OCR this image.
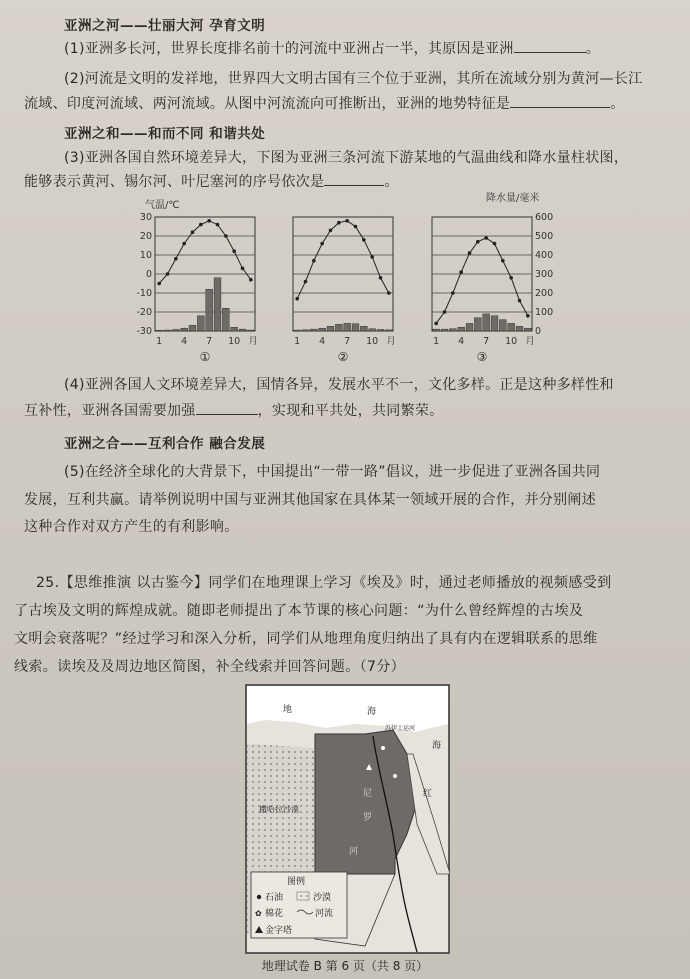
亚洲之河——壮丽大河 孕育文明
(1)亚洲多长河，世界长度排名前十的河流中亚洲占一半，其原因是亚洲	。
(2)河流是文明的发祥地，世界四大文明古国有三个位于亚洲，其所在流域分别为黄河—长江
流域、印度河流域、两河流域。从图中河流流向可推断出，亚洲的地势特征是	。
亚洲之和——和而不同 和谐共处
(3)亚洲各国自然环境差异大，下图为亚洲三条河流下游某地的气温曲线和降水量柱状图，
能够表示黄河、锡尔河、叶尼塞河的序号依次是	。
气温/℃
降水量/毫米
30
20
10
0
-10
-20
-30
1 4 7 10 月
①
1 4 7 10 月
②
600
500
400
300
200
100
0
1 4 7 10 月
③
(4)亚洲各国人文环境差异大，国情各异，发展水平不一，文化多样。正是这种多样性和
互补性，亚洲各国需要加强	，实现和平共处，共同繁荣。
亚洲之合——互利合作 融合发展
(5)在经济全球化的大背景下，中国提出“一带一路”倡议，进一步促进了亚洲各国共同
发展，互利共赢。请举例说明中国与亚洲其他国家在具体某一领域开展的合作，并分别阐述
这种合作对双方产生的有利影响。
25.【思维推演 以古鉴今】同学们在地理课上学习《埃及》时，通过老师播放的视频感受到
了古埃及文明的辉煌成就。随即老师提出了本节课的核心问题：“为什么曾经辉煌的古埃及
文明会衰落呢？”经过学习和深入分析，同学们从地理角度归纳出了具有内在逻辑联系的思维
线索。读埃及及周边地区简图，补全线索并回答问题。（7分）
地	海
撒哈拉沙漠
红
海
尼
罗
河
苏伊士运河
图例
石油	沙漠
✿ 棉花	河流
金字塔
地理试卷 B 第 6 页（共 8 页）
